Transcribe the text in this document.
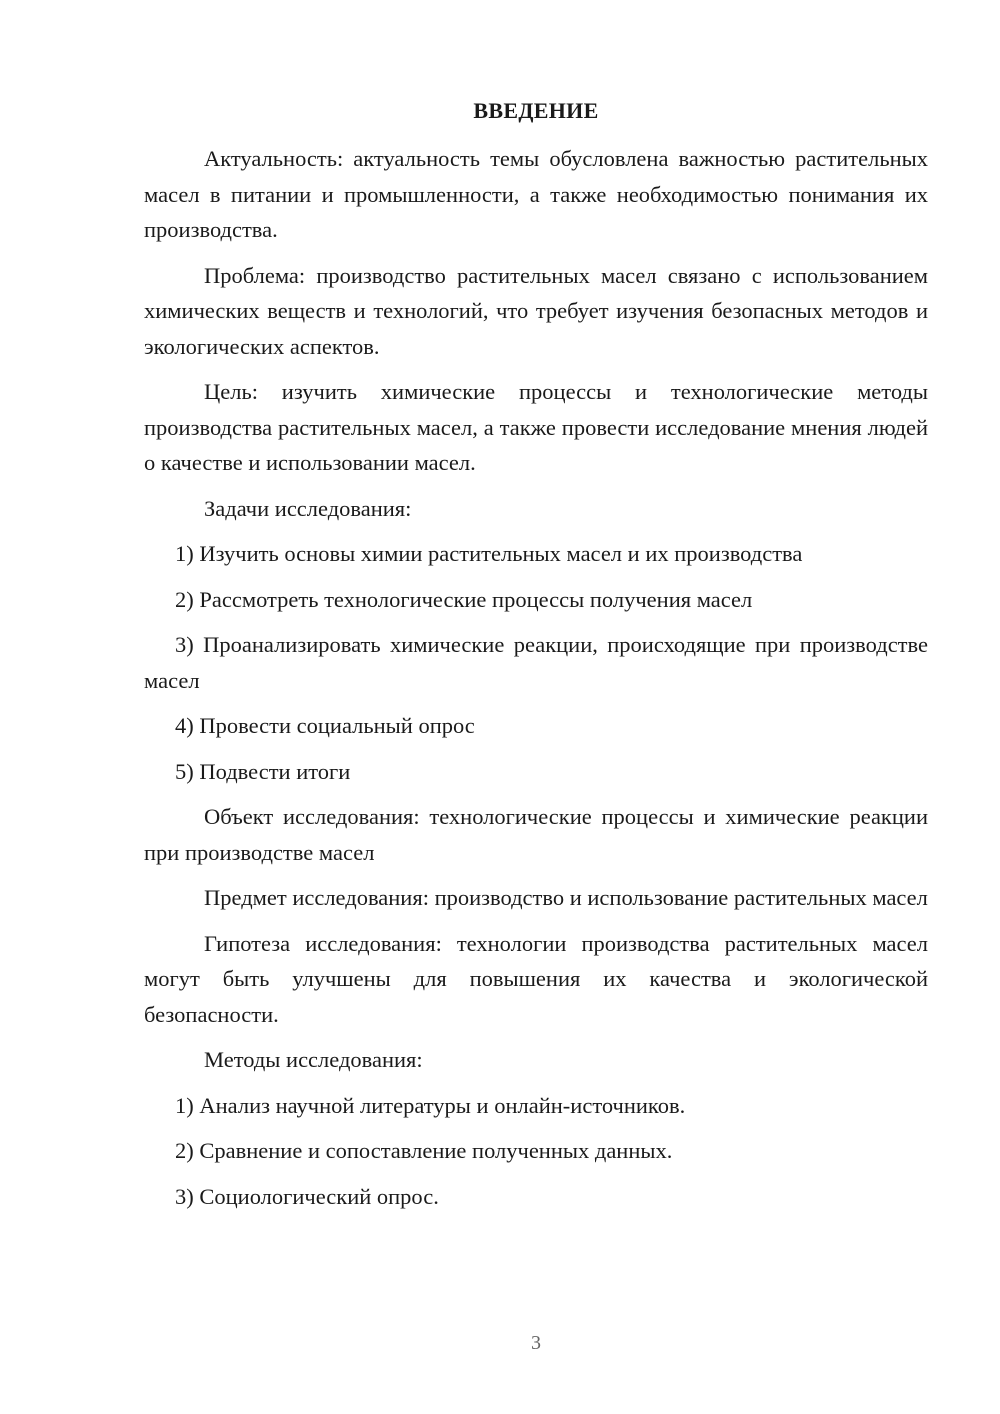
ВВЕДЕНИЕ

Актуальность: актуальность темы обусловлена важностью растительных масел в питании и промышленности, а также необходимостью понимания их производства.

Проблема: производство растительных масел связано с использованием химических веществ и технологий, что требует изучения безопасных методов и экологических аспектов.

Цель: изучить химические процессы и технологические методы производства растительных масел, а также провести исследование мнения людей о качестве и использовании масел.

Задачи исследования:

1) Изучить основы химии растительных масел и их производства

2) Рассмотреть технологические процессы получения масел

3) Проанализировать химические реакции, происходящие при производстве масел

4) Провести социальный опрос

5) Подвести итоги

Объект исследования: технологические процессы и химические реакции при производстве масел

Предмет исследования: производство и использование растительных масел

Гипотеза исследования: технологии производства растительных масел могут быть улучшены для повышения их качества и экологической безопасности.

Методы исследования:

1) Анализ научной литературы и онлайн-источников.

2) Сравнение и сопоставление полученных данных.

3) Социологический опрос.

3
